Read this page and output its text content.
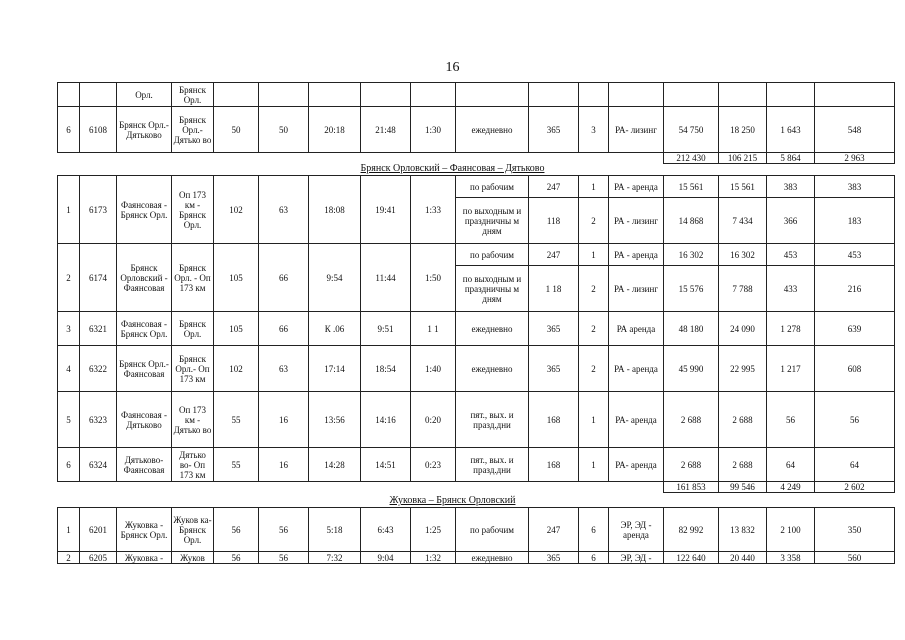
16
		Орл.	Брянск Орл.													
6	6108	Брянск Орл.- Дятьково	Брянск Орл.- Дятько во	50	50	20:18	21:48	1:30	ежедневно	365	3	РА- лизинг	54 750	18 250	1 643	548
													212 430	106 215	5 864	2 963
Брянск Орловский – Фаянсовая – Дятьково
1	6173	Фаянсовая - Брянск Орл.	Оп 173 км - Брянск Орл.	102	63	18:08	19:41	1:33	по рабочим	247	1	РА - аренда	15 561	15 561	383	383
									по выходным и праздничны м дням	118	2	РА - лизинг	14 868	7 434	366	183
2	6174	Брянск Орловский - Фаянсовая	Брянск Орл. - Оп 173 км	105	66	9:54	11:44	1:50	по рабочим	247	1	РА - аренда	16 302	16 302	453	453
									по выходным и праздничны м дням	1 18	2	РА - лизинг	15 576	7 788	433	216
3	6321	Фаянсовая - Брянск Орл.	Брянск Орл.	105	66	К .06	9:51	1 1	ежедневно	365	2	РА аренда	48 180	24 090	1 278	639
4	6322	Брянск Орл.- Фаянсовая	Брянск Орл.- Оп 173 км	102	63	17:14	18:54	1:40	ежедневно	365	2	РА - аренда	45 990	22 995	1 217	608
5	6323	Фаянсовая - Дятьково	Оп 173 км - Дятько во	55	16	13:56	14:16	0:20	пят., вых. и празд.дни	168	1	РА- аренда	2 688	2 688	56	56
6	6324	Дятьково- Фаянсовая	Дятько во- Оп 173 км	55	16	14:28	14:51	0:23	пят., вых. и празд.дни	168	1	РА- аренда	2 688	2 688	64	64
													161 853	99 546	4 249	2 602
Жуковка – Брянск Орловский
1	6201	Жуковка - Брянск Орл.	Жуков ка- Брянск Орл.	56	56	5:18	6:43	1:25	по рабочим	247	6	ЭР, ЭД - аренда	82 992	13 832	2 100	350
2	6205	Жуковка -	Жуков	56	56	7:32	9:04	1:32	ежедневно	365	6	ЭР, ЭД -	122 640	20 440	3 358	560
